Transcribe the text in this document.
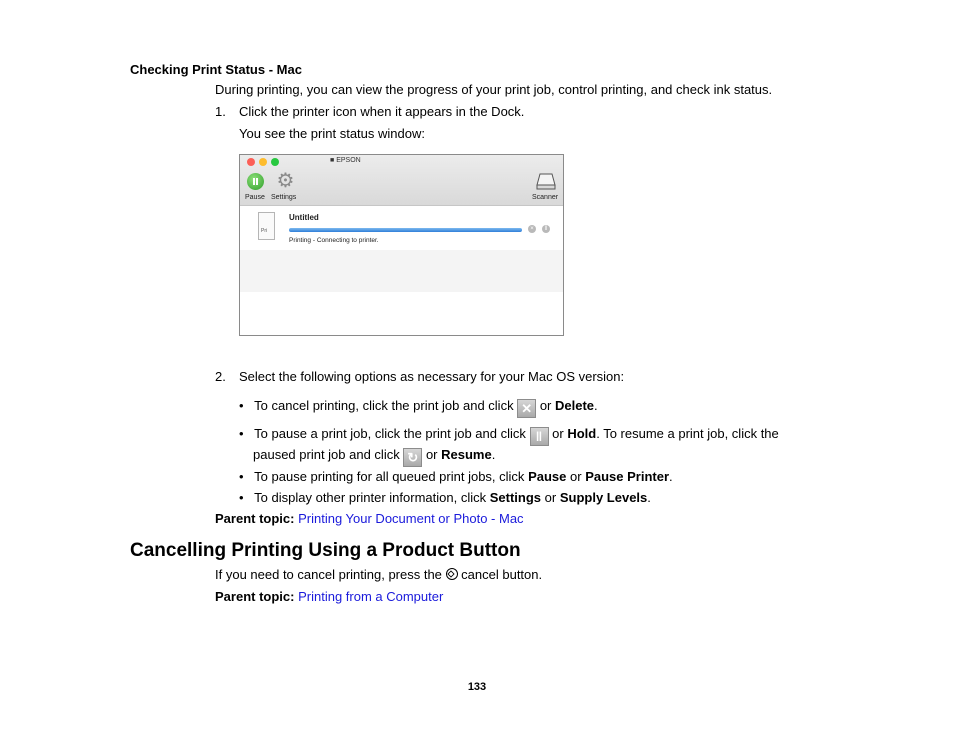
Checking Print Status - Mac
During printing, you can view the progress of your print job, control printing, and check ink status.
1. Click the printer icon when it appears in the Dock.
You see the print status window:
■ EPSON
Pause
⚙
Settings	Scanner
Pri
Untitled
×	‖
Printing - Connecting to printer.
2. Select the following options as necessary for your Mac OS version:
• To cancel printing, click the print job and click ✕ or Delete.
• To pause a print job, click the print job and click ‖ or Hold. To resume a print job, click the
paused print job and click ↻ or Resume.
• To pause printing for all queued print jobs, click Pause or Pause Printer.
• To display other printer information, click Settings or Supply Levels.
Parent topic: Printing Your Document or Photo - Mac
Cancelling Printing Using a Product Button
If you need to cancel printing, press the cancel button.
Parent topic: Printing from a Computer
133
